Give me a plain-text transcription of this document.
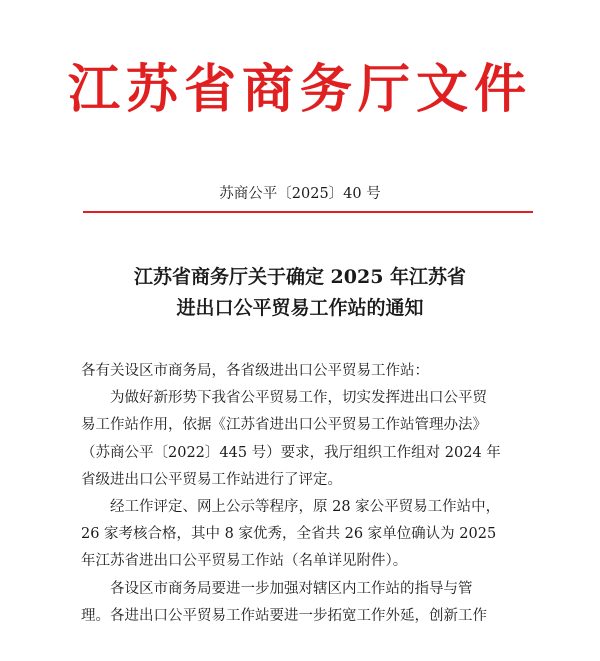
江苏省商务厅文件
苏商公平〔2025〕40 号
江苏省商务厅关于确定 2025 年江苏省
进出口公平贸易工作站的通知
各有关设区市商务局，各省级进出口公平贸易工作站：
为做好新形势下我省公平贸易工作，切实发挥进出口公平贸
易工作站作用，依据《江苏省进出口公平贸易工作站管理办法》
（苏商公平〔2022〕445 号）要求，我厅组织工作组对 2024 年
省级进出口公平贸易工作站进行了评定。
经工作评定、网上公示等程序，原 28 家公平贸易工作站中，
26 家考核合格，其中 8 家优秀，全省共 26 家单位确认为 2025
年江苏省进出口公平贸易工作站（名单详见附件）。
各设区市商务局要进一步加强对辖区内工作站的指导与管
理。各进出口公平贸易工作站要进一步拓宽工作外延，创新工作
